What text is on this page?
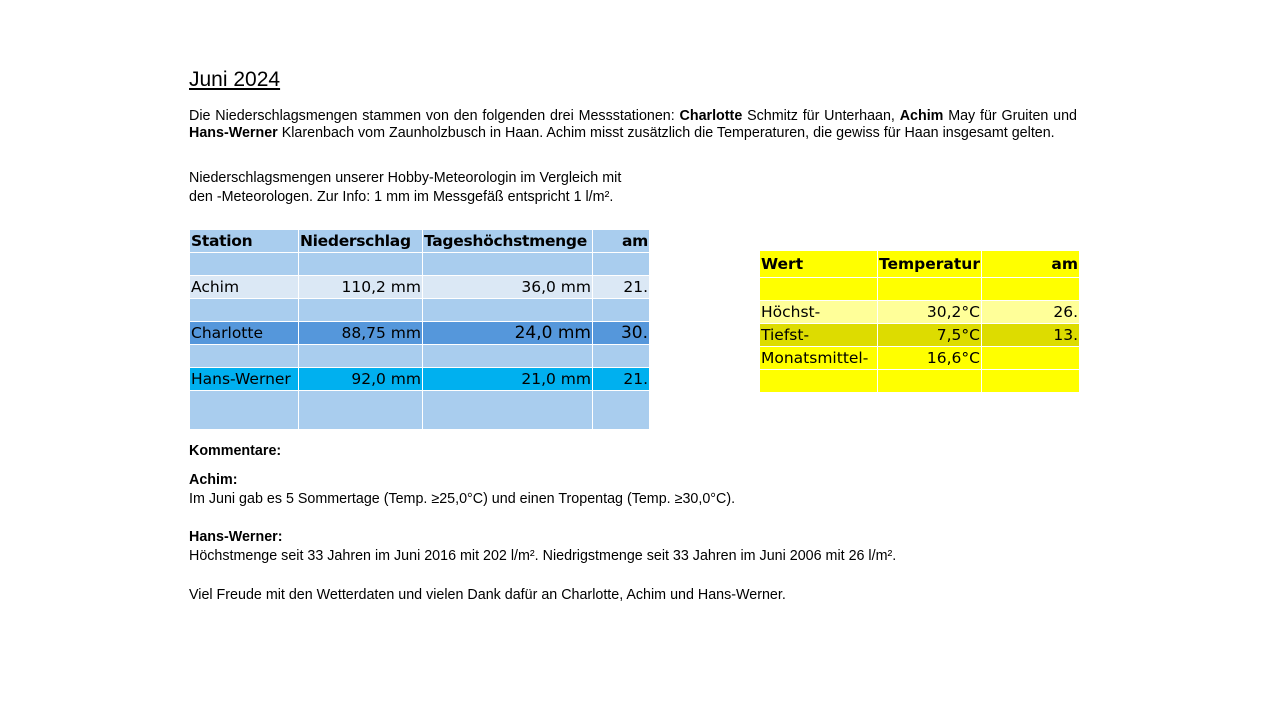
Juni 2024
Die Niederschlagsmengen stammen von den folgenden drei Messstationen: Charlotte Schmitz für Unterhaan, Achim May für Gruiten und Hans-Werner Klarenbach vom Zaunholzbusch in Haan. Achim misst zusätzlich die Temperaturen, die gewiss für Haan insgesamt gelten.
Niederschlagsmengen unserer Hobby-Meteorologin im Vergleich mit
den -Meteorologen. Zur Info: 1 mm im Messgefäß entspricht 1 l/m².
Station	Niederschlag	Tageshöchstmenge	am

Achim	110,2 mm	36,0 mm	21.

Charlotte	88,75 mm	24,0 mm	30.

Hans-Werner	92,0 mm	21,0 mm	21.

Wert	Temperatur	am

Höchst-	30,2°C	26.
Tiefst-	7,5°C	13.
Monatsmittel-	16,6°C	

Kommentare:
Achim:
Im Juni gab es 5 Sommertage (Temp. ≥25,0°C) und einen Tropentag (Temp. ≥30,0°C).
Hans-Werner:
Höchstmenge seit 33 Jahren im Juni 2016 mit 202 l/m². Niedrigstmenge seit 33 Jahren im Juni 2006 mit 26 l/m².
Viel Freude mit den Wetterdaten und vielen Dank dafür an Charlotte, Achim und Hans-Werner.
